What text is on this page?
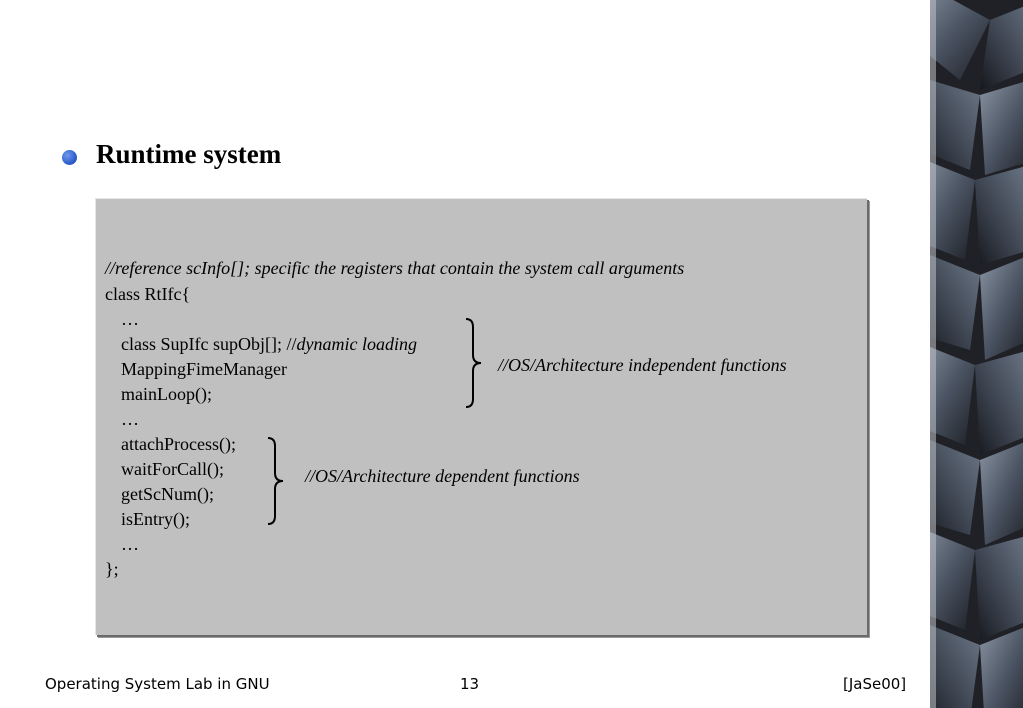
Runtime system
//reference scInfo[]; specific the registers that contain the system call arguments
class RtIfc{
…
class SupIfc supObj[]; //dynamic loading
MappingFimeManager
mainLoop();
…
attachProcess();
waitForCall();
getScNum();
isEntry();
…
};
//OS/Architecture independent functions
//OS/Architecture dependent functions
Operating System Lab in GNU	13	[JaSe00]
